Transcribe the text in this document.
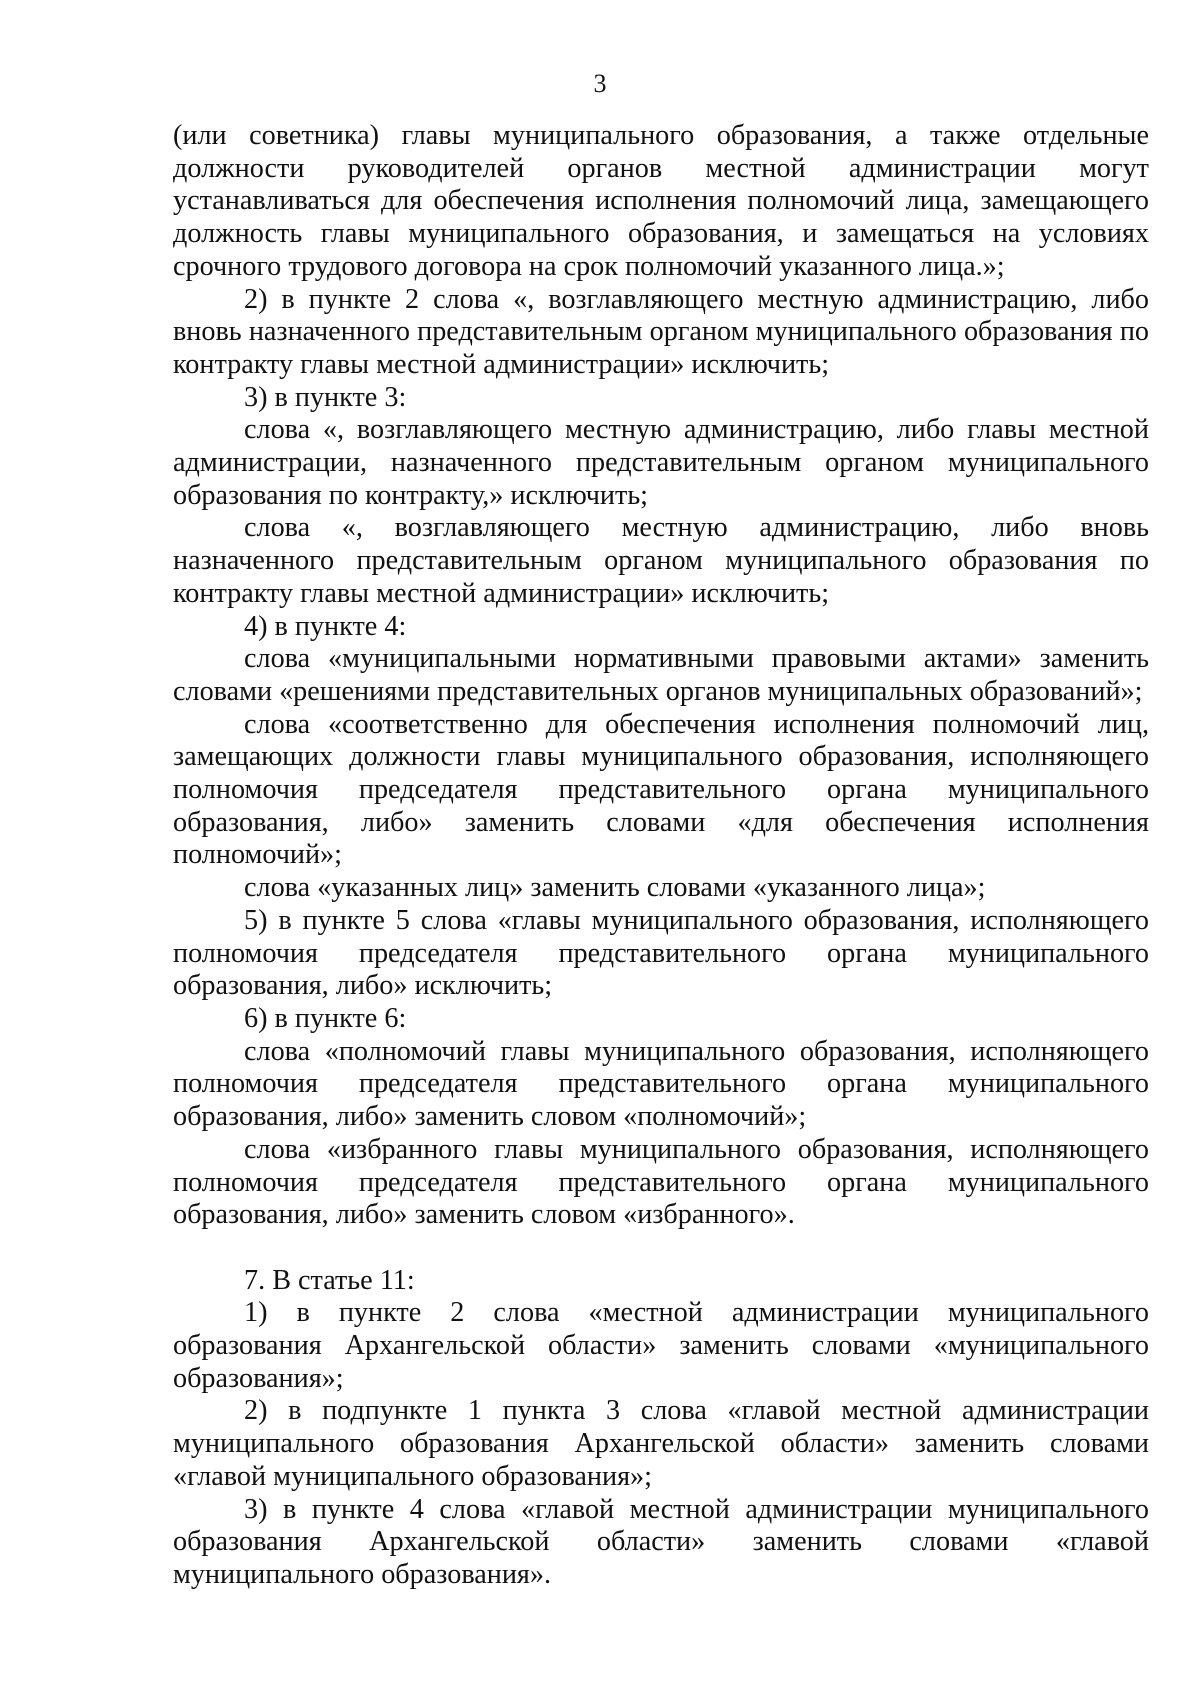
3

(или советника) главы муниципального образования, а также отдельные должности руководителей органов местной администрации могут устанавливаться для обеспечения исполнения полномочий лица, замещающего должность главы муниципального образования, и замещаться на условиях срочного трудового договора на срок полномочий указанного лица.»;

2) в пункте 2 слова «, возглавляющего местную администрацию, либо вновь назначенного представительным органом муниципального образования по контракту главы местной администрации» исключить;

3) в пункте 3:

слова «, возглавляющего местную администрацию, либо главы местной администрации, назначенного представительным органом муниципального образования по контракту,» исключить;

слова «, возглавляющего местную администрацию, либо вновь назначенного представительным органом муниципального образования по контракту главы местной администрации» исключить;

4) в пункте 4:

слова «муниципальными нормативными правовыми актами» заменить словами «решениями представительных органов муниципальных образований»;

слова «соответственно для обеспечения исполнения полномочий лиц, замещающих должности главы муниципального образования, исполняющего полномочия председателя представительного органа муниципального образования, либо» заменить словами «для обеспечения исполнения полномочий»;

слова «указанных лиц» заменить словами «указанного лица»;

5) в пункте 5 слова «главы муниципального образования, исполняющего полномочия председателя представительного органа муниципального образования, либо» исключить;

6) в пункте 6:

слова «полномочий главы муниципального образования, исполняющего полномочия председателя представительного органа муниципального образования, либо» заменить словом «полномочий»;

слова «избранного главы муниципального образования, исполняющего полномочия председателя представительного органа муниципального образования, либо» заменить словом «избранного».

7. В статье 11:

1) в пункте 2 слова «местной администрации муниципального образования Архангельской области» заменить словами «муниципального образования»;

2) в подпункте 1 пункта 3 слова «главой местной администрации муниципального образования Архангельской области» заменить словами «главой муниципального образования»;

3) в пункте 4 слова «главой местной администрации муниципального образования Архангельской области» заменить словами «главой муниципального образования».
